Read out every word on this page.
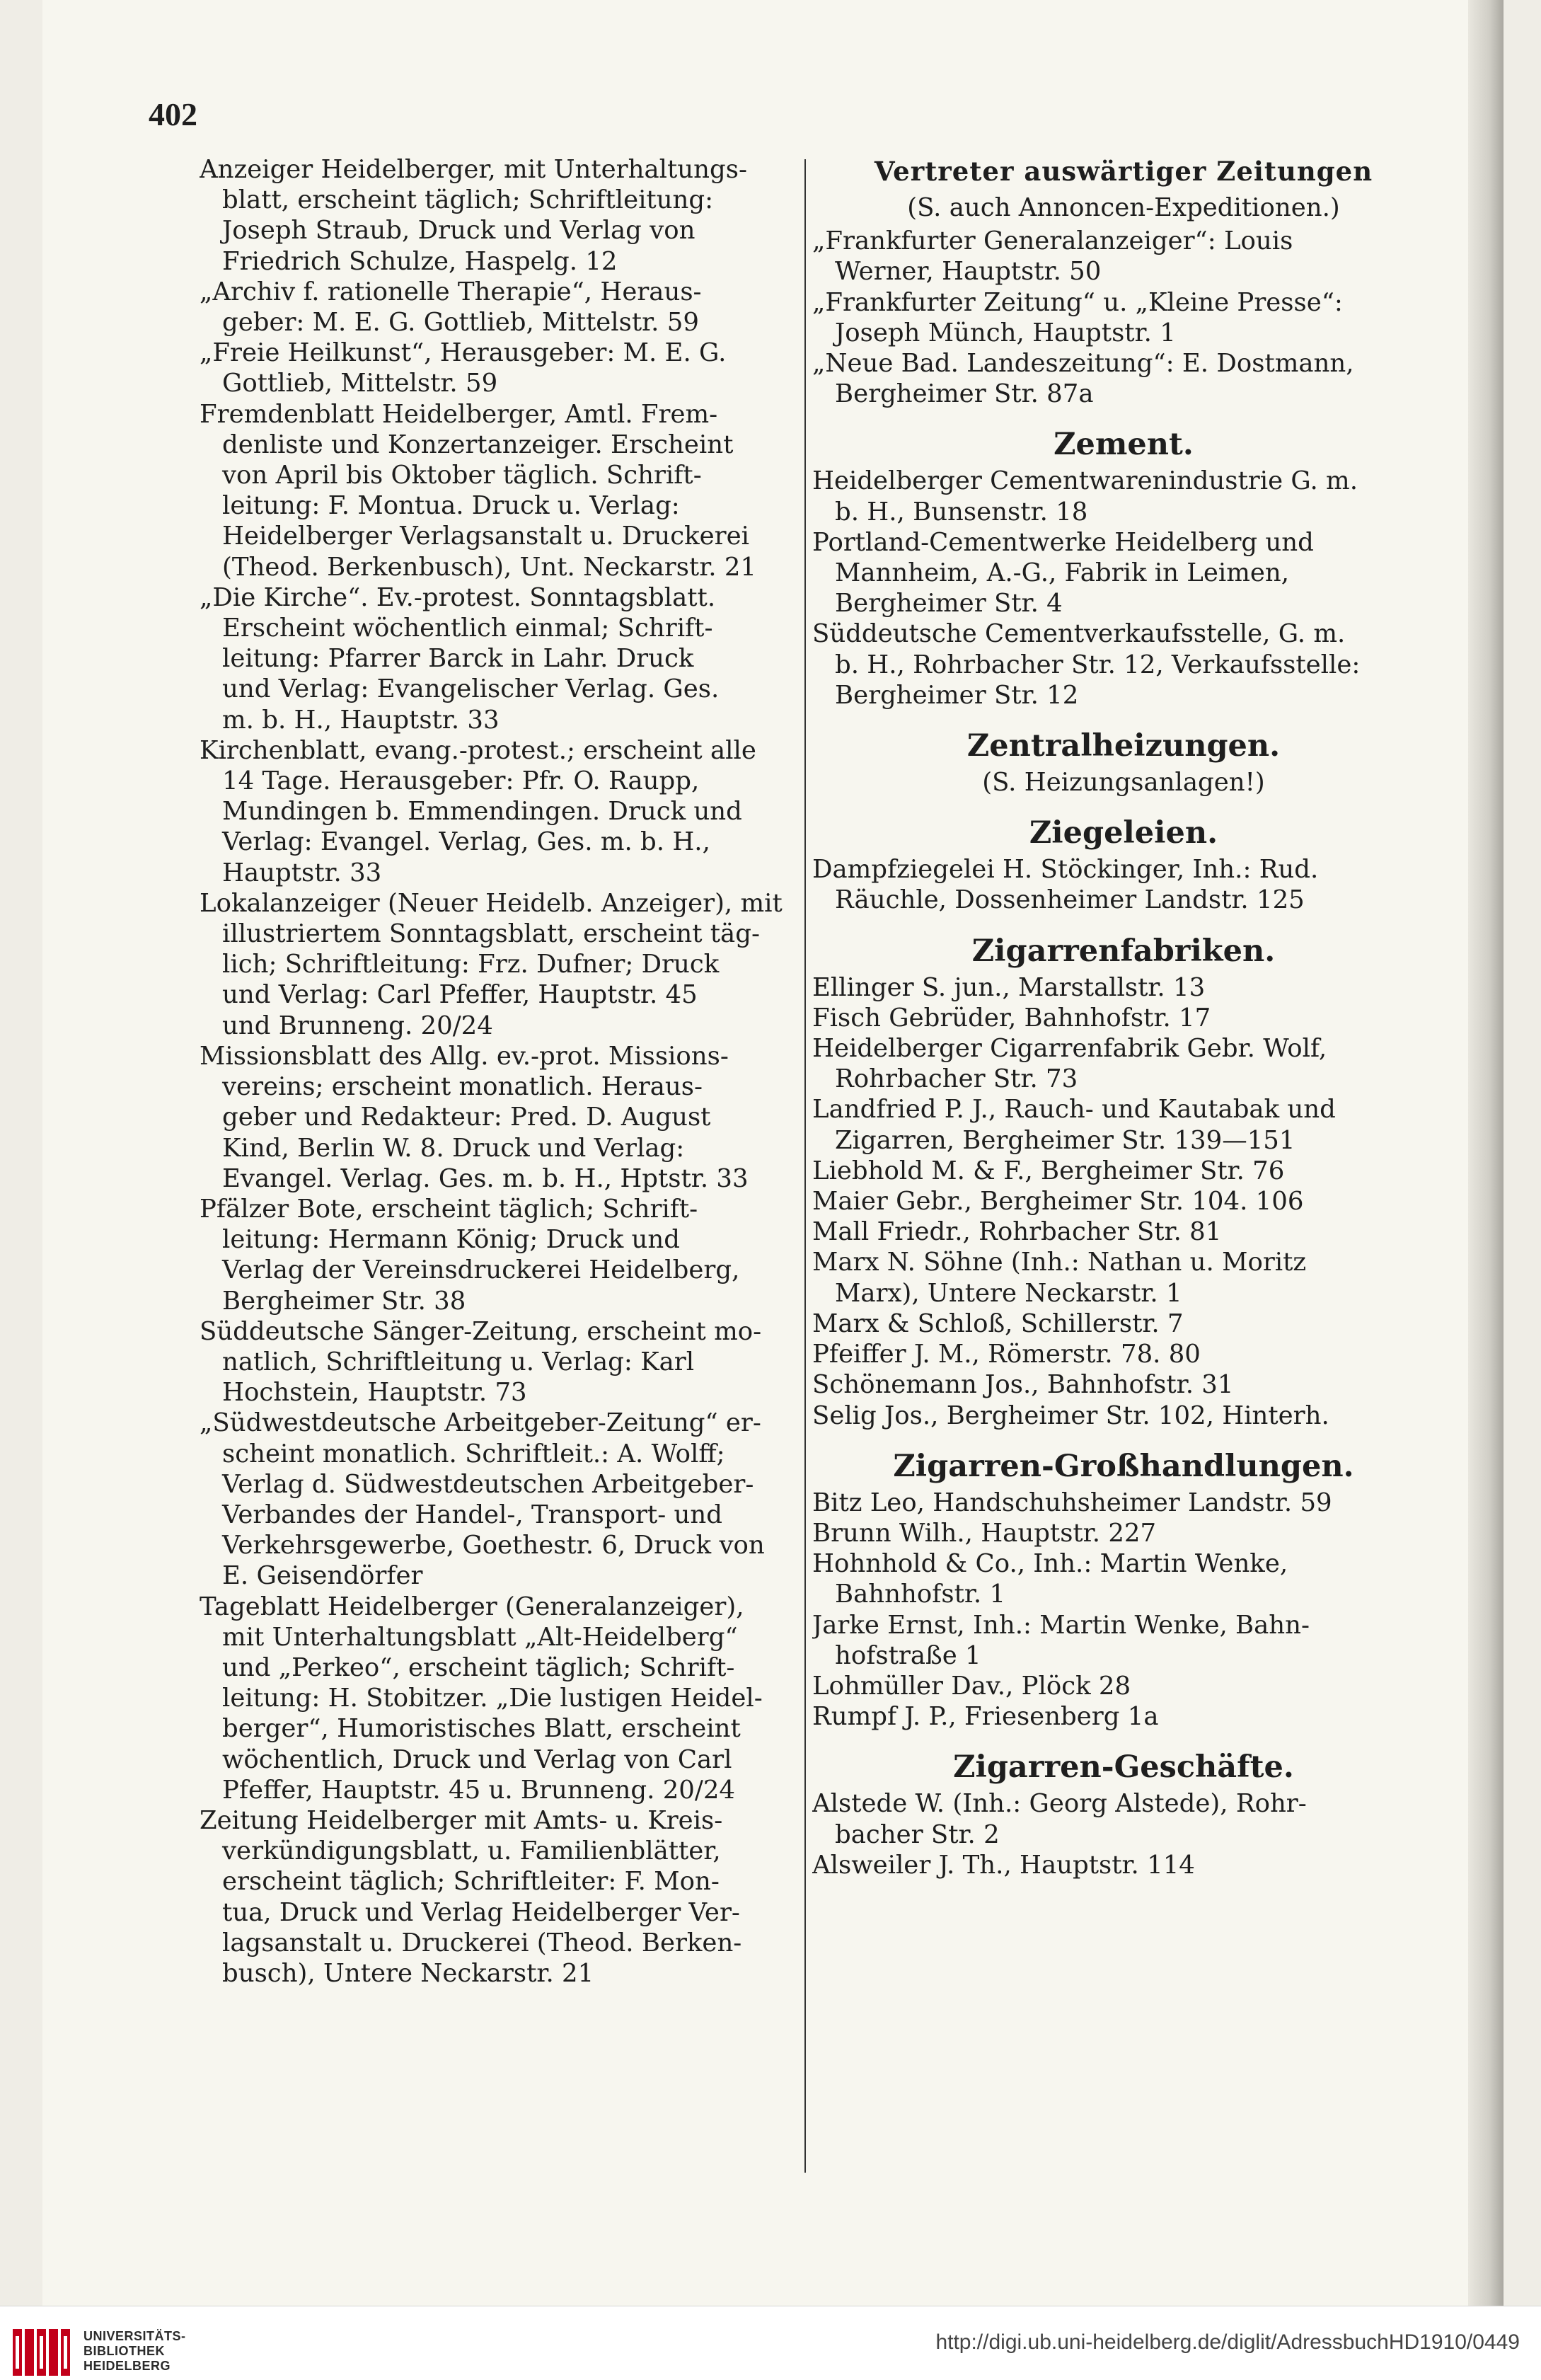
402
Anzeiger Heidelberger, mit Unterhaltungs-
blatt, erscheint täglich; Schriftleitung:
Joseph Straub, Druck und Verlag von
Friedrich Schulze, Haspelg. 12
„Archiv f. rationelle Therapie“, Heraus-
geber: M. E. G. Gottlieb, Mittelstr. 59
„Freie Heilkunst“, Herausgeber: M. E. G.
Gottlieb, Mittelstr. 59
Fremdenblatt Heidelberger, Amtl. Frem-
denliste und Konzertanzeiger. Erscheint
von April bis Oktober täglich. Schrift-
leitung: F. Montua. Druck u. Verlag:
Heidelberger Verlagsanstalt u. Druckerei
(Theod. Berkenbusch), Unt. Neckarstr. 21
„Die Kirche“. Ev.-protest. Sonntagsblatt.
Erscheint wöchentlich einmal; Schrift-
leitung: Pfarrer Barck in Lahr. Druck
und Verlag: Evangelischer Verlag. Ges.
m. b. H., Hauptstr. 33
Kirchenblatt, evang.-protest.; erscheint alle
14 Tage. Herausgeber: Pfr. O. Raupp,
Mundingen b. Emmendingen. Druck und
Verlag: Evangel. Verlag, Ges. m. b. H.,
Hauptstr. 33
Lokalanzeiger (Neuer Heidelb. Anzeiger), mit
illustriertem Sonntagsblatt, erscheint täg-
lich; Schriftleitung: Frz. Dufner; Druck
und Verlag: Carl Pfeffer, Hauptstr. 45
und Brunneng. 20/24
Missionsblatt des Allg. ev.-prot. Missions-
vereins; erscheint monatlich. Heraus-
geber und Redakteur: Pred. D. August
Kind, Berlin W. 8. Druck und Verlag:
Evangel. Verlag. Ges. m. b. H., Hptstr. 33
Pfälzer Bote, erscheint täglich; Schrift-
leitung: Hermann König; Druck und
Verlag der Vereinsdruckerei Heidelberg,
Bergheimer Str. 38
Süddeutsche Sänger-Zeitung, erscheint mo-
natlich, Schriftleitung u. Verlag: Karl
Hochstein, Hauptstr. 73
„Südwestdeutsche Arbeitgeber-Zeitung“ er-
scheint monatlich. Schriftleit.: A. Wolff;
Verlag d. Südwestdeutschen Arbeitgeber-
Verbandes der Handel-, Transport- und
Verkehrsgewerbe, Goethestr. 6, Druck von
E. Geisendörfer
Tageblatt Heidelberger (Generalanzeiger),
mit Unterhaltungsblatt „Alt-Heidelberg“
und „Perkeo“, erscheint täglich; Schrift-
leitung: H. Stobitzer. „Die lustigen Heidel-
berger“, Humoristisches Blatt, erscheint
wöchentlich, Druck und Verlag von Carl
Pfeffer, Hauptstr. 45 u. Brunneng. 20/24
Zeitung Heidelberger mit Amts- u. Kreis-
verkündigungsblatt, u. Familienblätter,
erscheint täglich; Schriftleiter: F. Mon-
tua, Druck und Verlag Heidelberger Ver-
lagsanstalt u. Druckerei (Theod. Berken-
busch), Untere Neckarstr. 21
Vertreter auswärtiger Zeitungen
(S. auch Annoncen-Expeditionen.)
„Frankfurter Generalanzeiger“: Louis
Werner, Hauptstr. 50
„Frankfurter Zeitung“ u. „Kleine Presse“:
Joseph Münch, Hauptstr. 1
„Neue Bad. Landeszeitung“: E. Dostmann,
Bergheimer Str. 87a
Zement.
Heidelberger Cementwarenindustrie G. m.
b. H., Bunsenstr. 18
Portland-Cementwerke Heidelberg und
Mannheim, A.-G., Fabrik in Leimen,
Bergheimer Str. 4
Süddeutsche Cementverkaufsstelle, G. m.
b. H., Rohrbacher Str. 12, Verkaufsstelle:
Bergheimer Str. 12
Zentralheizungen.
(S. Heizungsanlagen!)
Ziegeleien.
Dampfziegelei H. Stöckinger, Inh.: Rud.
Räuchle, Dossenheimer Landstr. 125
Zigarrenfabriken.
Ellinger S. jun., Marstallstr. 13
Fisch Gebrüder, Bahnhofstr. 17
Heidelberger Cigarrenfabrik Gebr. Wolf,
Rohrbacher Str. 73
Landfried P. J., Rauch- und Kautabak und
Zigarren, Bergheimer Str. 139—151
Liebhold M. & F., Bergheimer Str. 76
Maier Gebr., Bergheimer Str. 104. 106
Mall Friedr., Rohrbacher Str. 81
Marx N. Söhne (Inh.: Nathan u. Moritz
Marx), Untere Neckarstr. 1
Marx & Schloß, Schillerstr. 7
Pfeiffer J. M., Römerstr. 78. 80
Schönemann Jos., Bahnhofstr. 31
Selig Jos., Bergheimer Str. 102, Hinterh.
Zigarren-Großhandlungen.
Bitz Leo, Handschuhsheimer Landstr. 59
Brunn Wilh., Hauptstr. 227
Hohnhold & Co., Inh.: Martin Wenke,
Bahnhofstr. 1
Jarke Ernst, Inh.: Martin Wenke, Bahn-
hofstraße 1
Lohmüller Dav., Plöck 28
Rumpf J. P., Friesenberg 1a
Zigarren-Geschäfte.
Alstede W. (Inh.: Georg Alstede), Rohr-
bacher Str. 2
Alsweiler J. Th., Hauptstr. 114
UNIVERSITÄTS-
BIBLIOTHEK
HEIDELBERG
http://digi.ub.uni-heidelberg.de/diglit/AdressbuchHD1910/0449
